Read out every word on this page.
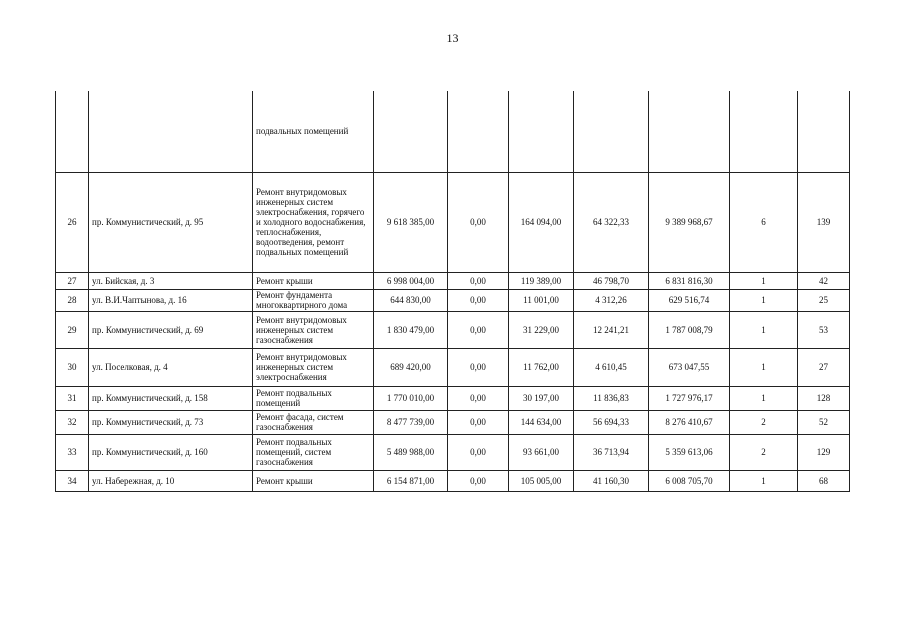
13
		подвальных помещений							
26	пр. Коммунистический, д. 95	Ремонт внутридомовых инженерных систем электроснабжения, горячего и холодного водоснабжения, теплоснабжения, водоотведения, ремонт подвальных помещений	9 618 385,00	0,00	164 094,00	64 322,33	9 389 968,67	6	139
27	ул. Бийская, д. 3	Ремонт крыши	6 998 004,00	0,00	119 389,00	46 798,70	6 831 816,30	1	42
28	ул. В.И.Чаптынова, д. 16	Ремонт фундамента многоквартирного дома	644 830,00	0,00	11 001,00	4 312,26	629 516,74	1	25
29	пр. Коммунистический, д. 69	Ремонт внутридомовых инженерных систем газоснабжения	1 830 479,00	0,00	31 229,00	12 241,21	1 787 008,79	1	53
30	ул. Поселковая, д. 4	Ремонт внутридомовых инженерных систем электроснабжения	689 420,00	0,00	11 762,00	4 610,45	673 047,55	1	27
31	пр. Коммунистический, д. 158	Ремонт подвальных помещений	1 770 010,00	0,00	30 197,00	11 836,83	1 727 976,17	1	128
32	пр. Коммунистический, д. 73	Ремонт фасада, систем газоснабжения	8 477 739,00	0,00	144 634,00	56 694,33	8 276 410,67	2	52
33	пр. Коммунистический, д. 160	Ремонт подвальных помещений, систем газоснабжения	5 489 988,00	0,00	93 661,00	36 713,94	5 359 613,06	2	129
34	ул. Набережная, д. 10	Ремонт крыши	6 154 871,00	0,00	105 005,00	41 160,30	6 008 705,70	1	68
